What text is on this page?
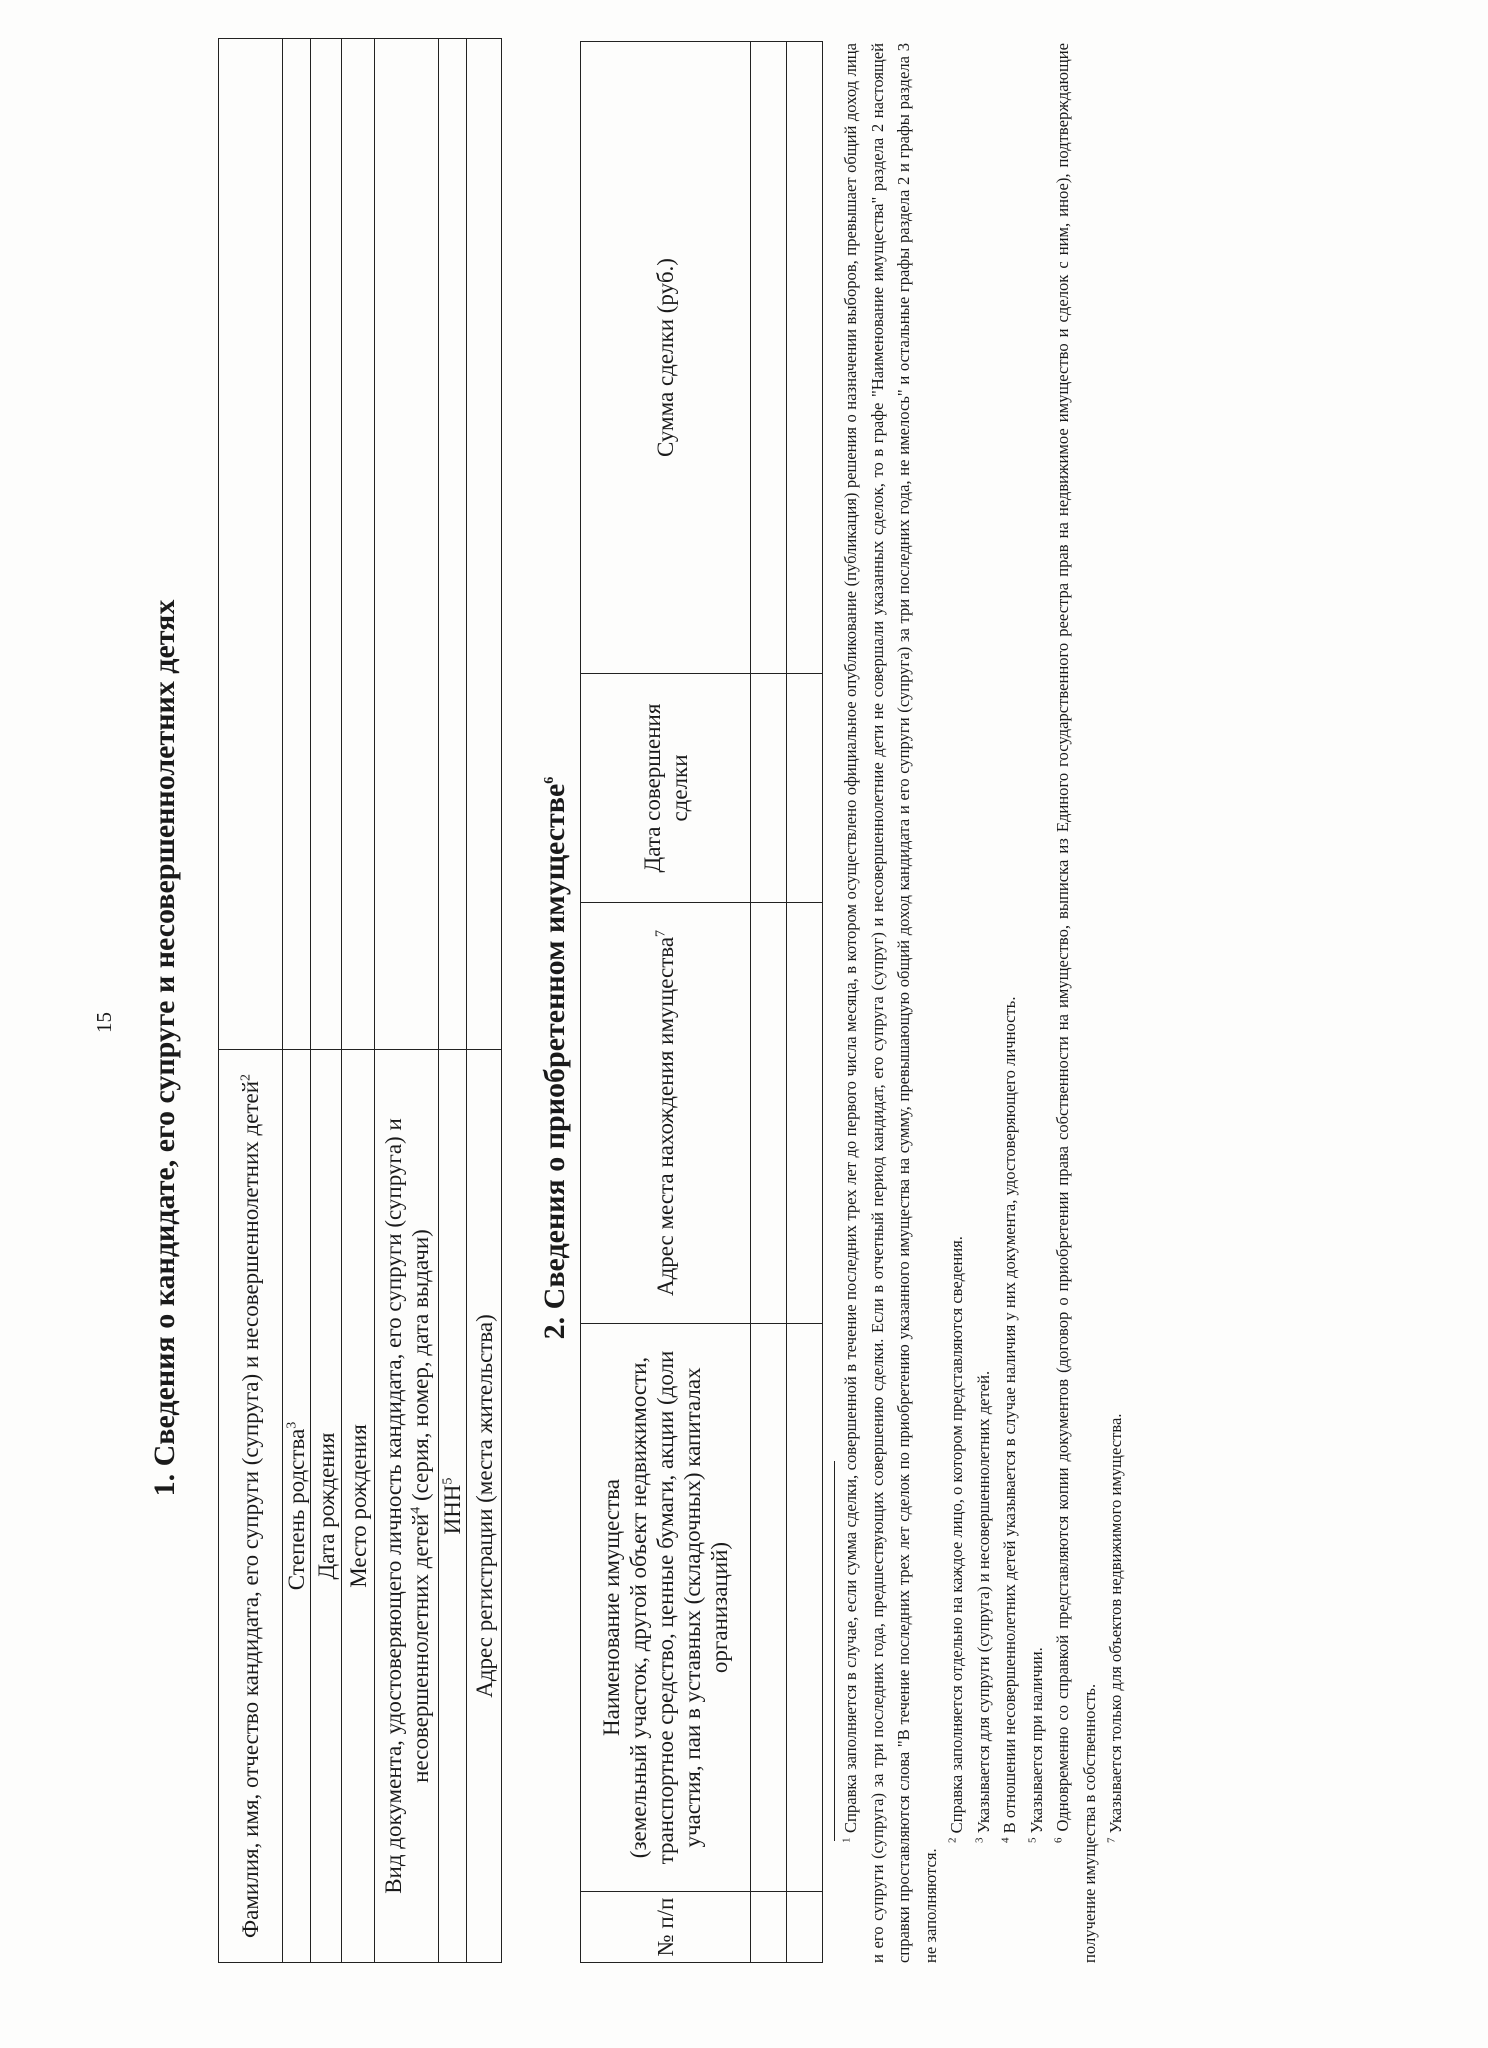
15 1. Сведения о кандидате, его супруге и несовершеннолетних детях
Фамилия, имя, отчество кандидата, его супруги (супруга) и несовершеннолетних детей$^2$	
Степень родства$^3$	
Дата рождения	
Место рождения	
Вид документа, удостоверяющего личность кандидата, его супруги (супруга) и несовершеннолетних детей$^4$ (серия, номер, дата выдачи)	
ИНН$^5$	
Адрес регистрации (места жительства)	
2. Сведения о приобретенном имуществе$^6$
№ п/п	Наименование имущества (земельный участок, другой объект недвижимости, транспортное средство, ценные бумаги, акции (доли участия, паи в уставных (складочных) капиталах организаций)	Адрес места нахождения имущества$^7$	Дата совершения сделки	Сумма сделки (руб.)

$^1$ Справка заполняется в случае, если сумма сделки, совершенной в течение последних трех лет до первого числа месяца, в котором осуществлено официальное опубликование (публикация) решения о назначении выборов, превышает общий доход лица и его супруги (супруга) за три последних года, предшествующих совершению сделки. Если в отчетный период кандидат, его супруга (супруг) и несовершеннолетние дети не совершали указанных сделок, то в графе "Наименование имущества" раздела 2 настоящей справки проставляются слова "В течение последних трех лет сделок по приобретению указанного имущества на сумму, превышающую общий доход кандидата и его супруги (супруга) за три последних года, не имелось" и остальные графы раздела 2 и графы раздела 3 не заполняются.

$^2$ Справка заполняется отдельно на каждое лицо, о котором представляются сведения.

$^3$ Указывается для супруги (супруга) и несовершеннолетних детей.

$^4$ В отношении несовершеннолетних детей указывается в случае наличия у них документа, удостоверяющего личность.

$^5$ Указывается при наличии.

$^6$ Одновременно со справкой представляются копии документов (договор о приобретении права собственности на имущество, выписка из Единого государственного реестра прав на недвижимое имущество и сделок с ним, иное), подтверждающие получение имущества в собственность. $^7$ Указывается только для объектов недвижимого имущества.
